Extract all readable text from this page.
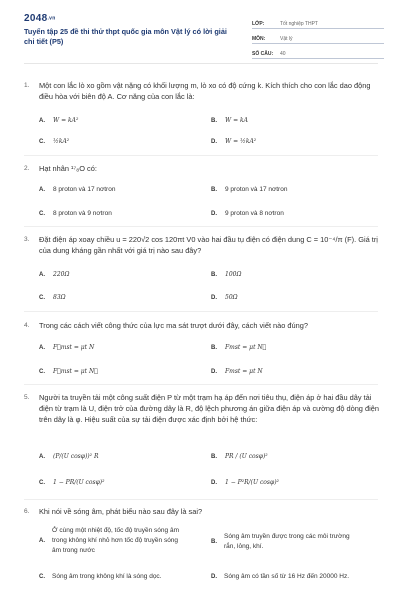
2048.vn
Tuyển tập 25 đề thi thử thpt quốc gia môn Vật lý có lời giải chi tiết (P5)
LỚP:	Tốt nghiệp THPT
MÔN:	Vật lý
SỐ CÂU:	40
1. Một con lắc lò xo gồm vật nặng có khối lượng m, lò xo có độ cứng k. Kích thích cho con lắc dao động điều hòa với biên độ A. Cơ năng của con lắc là:
A. W = kA²	B. W = kA
C. ½kA²	D. W = ½kA²
2. Hạt nhân ¹⁷₈O có:
A. 8 proton và 17 nơtron	B. 9 proton và 17 nơtron
C. 8 proton và 9 nơtron	D. 9 proton và 8 nơtron
3. Đặt điện áp xoay chiều u = 220√2 cos 120πt V0 vào hai đầu tụ điện có điện dung C = 10⁻⁴/π (F). Giá trị của dung kháng gần nhất với giá trị nào sau đây?
A. 220Ω	B. 100Ω
C. 83Ω	D. 50Ω
4. Trong các cách viết công thức của lực ma sát trượt dưới đây, cách viết nào đúng?
A. F⃗mst = μt N	B. Fmst = μt N⃗
C. F⃗mst = μt N⃗	D. Fmst = μt N
5. Người ta truyền tải một công suất điện P từ một trạm hạ áp đến nơi tiêu thụ, điện áp ở hai đầu dây tải điện từ trạm là U, điện trở của đường dây là R, độ lệch phương án giữa điện áp và cường độ dòng điện trên dây là φ. Hiệu suất của sự tải điện được xác định bởi hệ thức:
A. (P/(U cosφ))² R	B. PR / (U cosφ)²
C. 1 − PR/(U cosφ)²	D. 1 − P²R/(U cosφ)²
6. Khi nói về sóng âm, phát biểu nào sau đây là sai?
A.
Ở cùng một nhiệt độ, tốc độ truyền sóng âm trong không khí nhỏ hơn tốc độ truyền sóng âm trong nước
B.
Sóng âm truyền được trong các môi trường rắn, lỏng, khí.
C.	Sóng âm trong không khí là sóng dọc.	D.	Sóng âm có tần số từ 16 Hz đến 20000 Hz.
